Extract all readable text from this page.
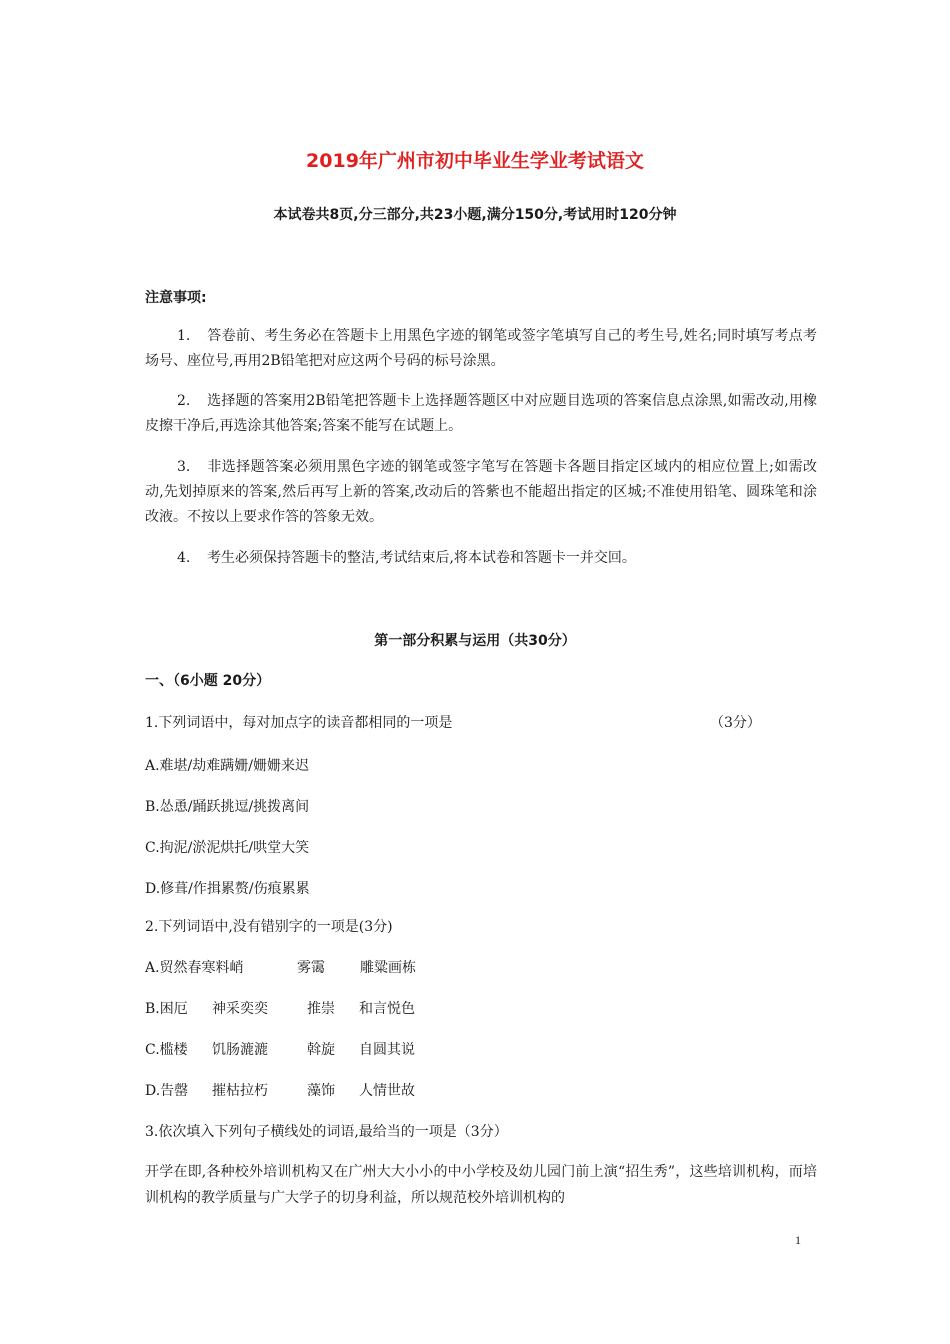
2019年广州市初中毕业生学业考试语文
本试卷共8页,分三部分,共23小题,满分150分,考试用时120分钟
注意事项:
1. 答卷前、考生务必在答题卡上用黑色字迹的钢笔或签字笔填写自己的考生号,姓名;同时填写考点考场号、座位号,再用2B铅笔把对应这两个号码的标号涂黑。
2. 选择题的答案用2B铅笔把答题卡上选择题答题区中对应题目选项的答案信息点涂黑,如需改动,用橡皮擦干净后,再选涂其他答案;答案不能写在试题上。
3. 非选择题答案必须用黑色字迹的钢笔或签字笔写在答题卡各题目指定区域内的相应位置上;如需改动,先划掉原来的答案,然后再写上新的答案,改动后的答紫也不能超出指定的区城;不准使用铅笔、圆珠笔和涂改液。不按以上要求作答的答象无效。
4. 考生必须保持答题卡的整洁,考试结束后,将本试卷和答题卡一并交回。
第一部分积累与运用（共30分）
一、（6小题 20分）
1.下列词语中，每对加点字的读音都相同的一项是	（3分）
A.难堪/劫难蹒姗/姗姗来迟
B.怂恿/踊跃挑逗/挑拨离间
C.拘泥/淤泥烘托/哄堂大笑
D.修葺/作揖累赘/伤痕累累
2.下列词语中,没有错别字的一项是(3分)
A.贸然春寒料峭	雾霭	雕粱画栋
B.困厄 神采奕奕	推崇 和言悦色
C.槛楼 饥肠漉漉	斡旋 自圆其说
D.告罄 摧枯拉朽	藻饰 人情世故
3.依次填入下列句子横线处的词语,最给当的一项是（3分）
开学在即,各种校外培训机构又在广州大大小小的中小学校及幼儿园门前上演“招生秀”，这些培训机构，而培训机构的教学质量与广大学子的切身利益，所以规范校外培训机构的
1
